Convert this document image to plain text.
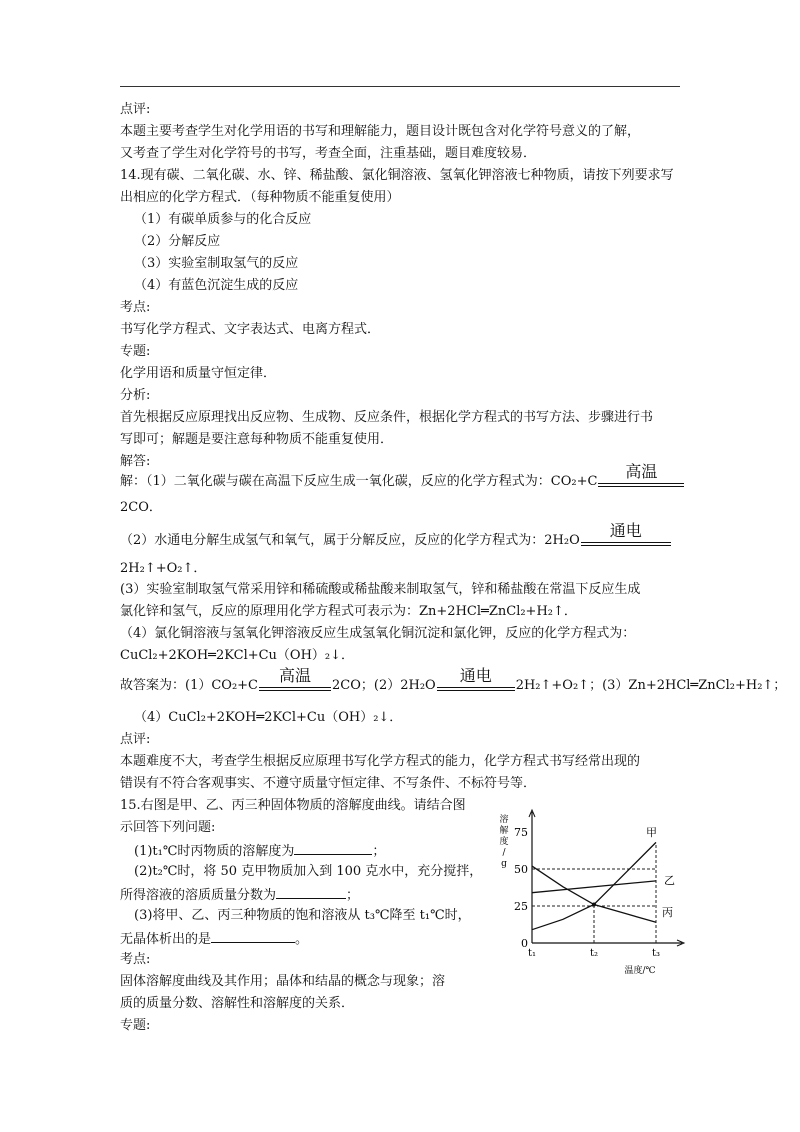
点评:
本题主要考查学生对化学用语的书写和理解能力，题目设计既包含对化学符号意义的了解，
又考查了学生对化学符号的书写，考查全面，注重基础，题目难度较易．
14.现有碳、二氧化碳、水、锌、稀盐酸、氯化铜溶液、氢氧化钾溶液七种物质，请按下列要求写
出相应的化学方程式．（每种物质不能重复使用）
（1）有碳单质参与的化合反应
（2）分解反应
（3）实验室制取氢气的反应
（4）有蓝色沉淀生成的反应
考点:
书写化学方程式、文字表达式、电离方程式．
专题:
化学用语和质量守恒定律．
分析:
首先根据反应原理找出反应物、生成物、反应条件，根据化学方程式的书写方法、步骤进行书
写即可；解题是要注意每种物质不能重复使用．
解答:
解：（1）二氧化碳与碳在高温下反应生成一氧化碳，反应的化学方程式为：CO₂+C
高温
2CO．
（2）水通电分解生成氢气和氧气，属于分解反应，反应的化学方程式为：2H₂O
通电
2H₂↑+O₂↑．
(3）实验室制取氢气常采用锌和稀硫酸或稀盐酸来制取氢气，锌和稀盐酸在常温下反应生成
氯化锌和氢气，反应的原理用化学方程式可表示为：Zn+2HCl═ZnCl₂+H₂↑．
（4）氯化铜溶液与氢氧化钾溶液反应生成氢氧化铜沉淀和氯化钾，反应的化学方程式为：
CuCl₂+2KOH═2KCl+Cu（OH）₂↓．
故答案为：(1）CO₂+C
高温
2CO；(2）2H₂O
通电
2H₂↑+O₂↑；(3）Zn+2HCl═ZnCl₂+H₂↑；
（4）CuCl₂+2KOH═2KCl+Cu（OH）₂↓．
点评:
本题难度不大，考查学生根据反应原理书写化学方程式的能力，化学方程式书写经常出现的
错误有不符合客观事实、不遵守质量守恒定律、不写条件、不标符号等．
15.右图是甲、乙、丙三种固体物质的溶解度曲线。请结合图
示回答下列问题:
(1)t₁℃时丙物质的溶解度为	；
(2)t₂℃时，将 50 克甲物质加入到 100 克水中，充分搅拌，
所得溶液的溶质质量分数为	；
(3)将甲、乙、丙三种物质的饱和溶液从 t₃℃降至 t₁℃时，
无晶体析出的是	。
考点:
固体溶解度曲线及其作用；晶体和结晶的概念与现象；溶
质的质量分数、溶解性和溶解度的关系．
专题:
溶
解
度
/
g
温度/℃
75
50
25
0
t₁	t₂	t₃
甲
乙
丙
